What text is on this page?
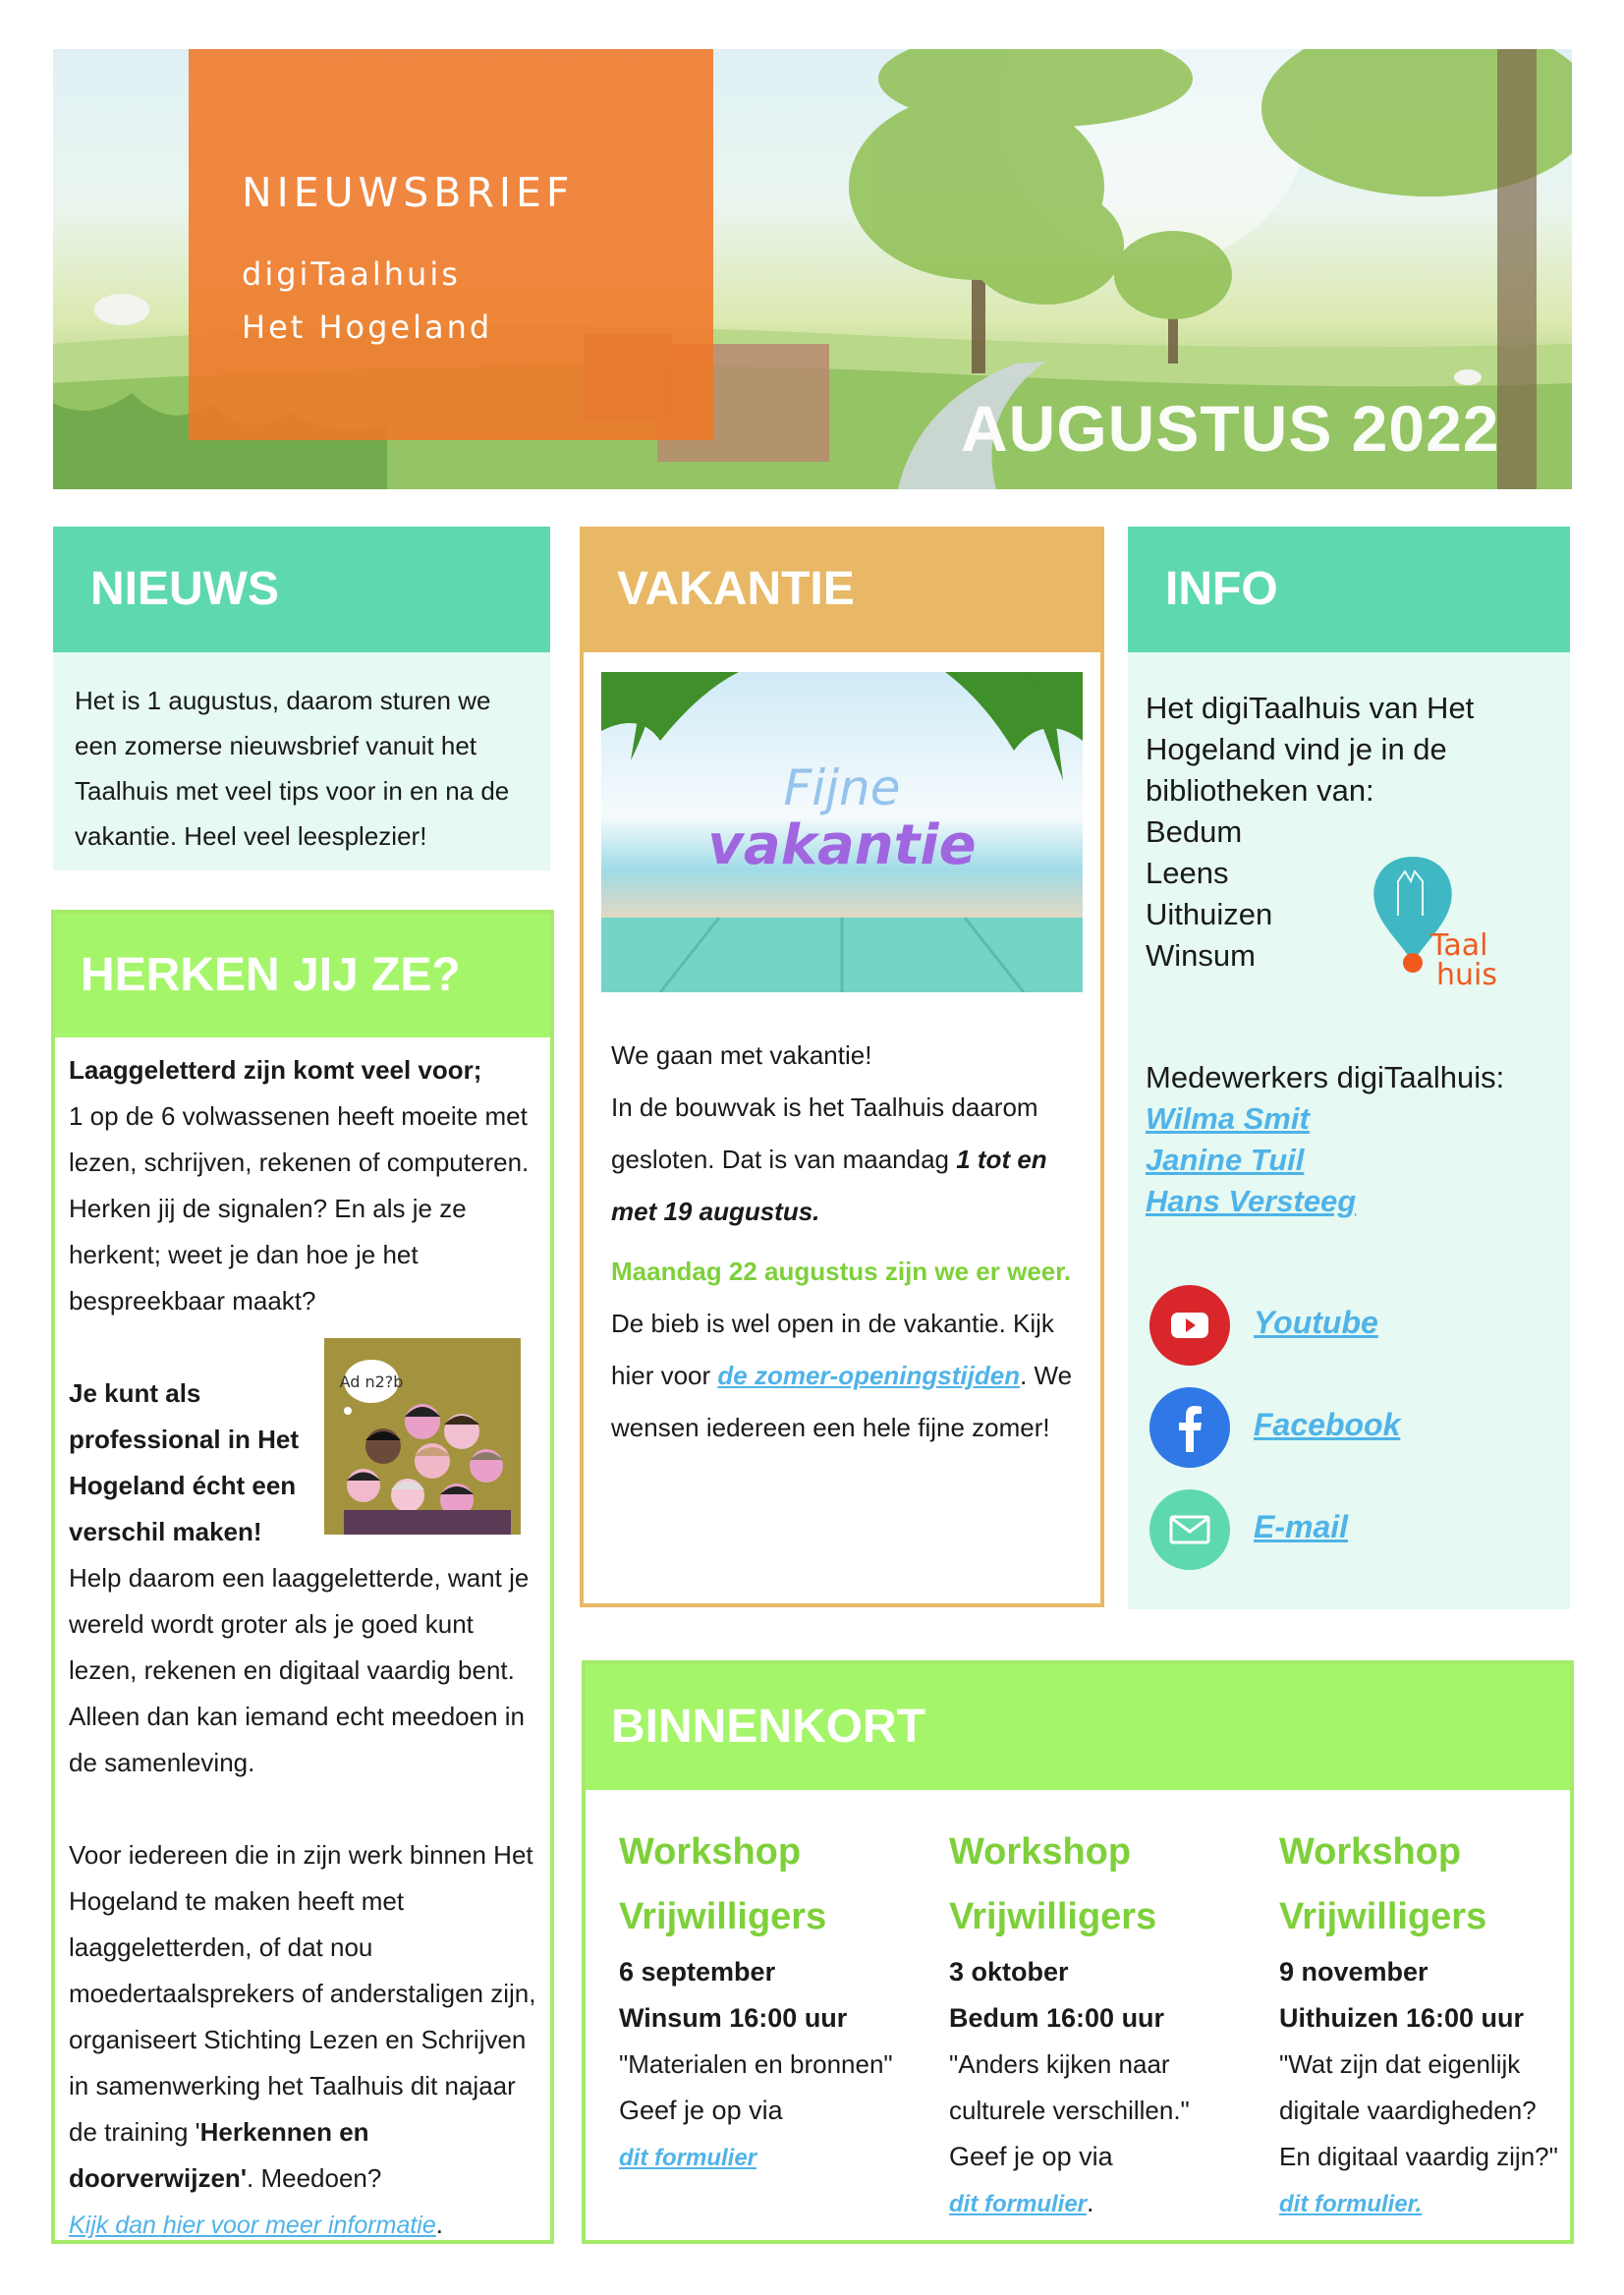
NIEUWSBRIEF
digiTaalhuis
Het Hogeland
AUGUSTUS 2022
NIEUWS
Het is 1 augustus, daarom sturen we een zomerse nieuwsbrief vanuit het Taalhuis met veel tips voor in en na de vakantie. Heel veel leesplezier!
VAKANTIE
Fijne
vakantie
We gaan met vakantie!
In de bouwvak is het Taalhuis daarom gesloten. Dat is van maandag 1 tot en met 19 augustus.
Maandag 22 augustus zijn we er weer.
De bieb is wel open in de vakantie. Kijk hier voor de zomer-openingstijden. We wensen iedereen een hele fijne zomer!
INFO
Het digiTaalhuis van Het Hogeland vind je in de bibliotheken van:
Bedum
Leens
Uithuizen
Winsum	Taal
huis
Medewerkers digiTaalhuis:
Wilma Smit
Janine Tuil
Hans Versteeg
Youtube
Facebook
E-mail
HERKEN JIJ ZE?
Ad n2?b
Laaggeletterd zijn komt veel voor;
1 op de 6 volwassenen heeft moeite met lezen, schrijven, rekenen of computeren. Herken jij de signalen? En als je ze herkent; weet je dan hoe je het bespreekbaar maakt?
Je kunt als professional in Het Hogeland écht een verschil maken!
Help daarom een laaggeletterde, want je wereld wordt groter als je goed kunt lezen, rekenen en digitaal vaardig bent. Alleen dan kan iemand echt meedoen in de samenleving.
Voor iedereen die in zijn werk binnen Het Hogeland te maken heeft met laaggeletterden, of dat nou moedertaalsprekers of anderstaligen zijn, organiseert Stichting Lezen en Schrijven in samenwerking het Taalhuis dit najaar de training 'Herkennen en doorverwijzen'. Meedoen?
Kijk dan hier voor meer informatie.
BINNENKORT
Workshop
Vrijwilligers
6 september
Winsum 16:00 uur
"Materialen en bronnen"
Geef je op via
dit formulier
Workshop
Vrijwilligers
3 oktober
Bedum 16:00 uur
"Anders kijken naar culturele verschillen."
Geef je op via
dit formulier.
Workshop
Vrijwilligers
9 november
Uithuizen 16:00 uur
"Wat zijn dat eigenlijk digitale vaardigheden? En digitaal vaardig zijn?"
dit formulier.
